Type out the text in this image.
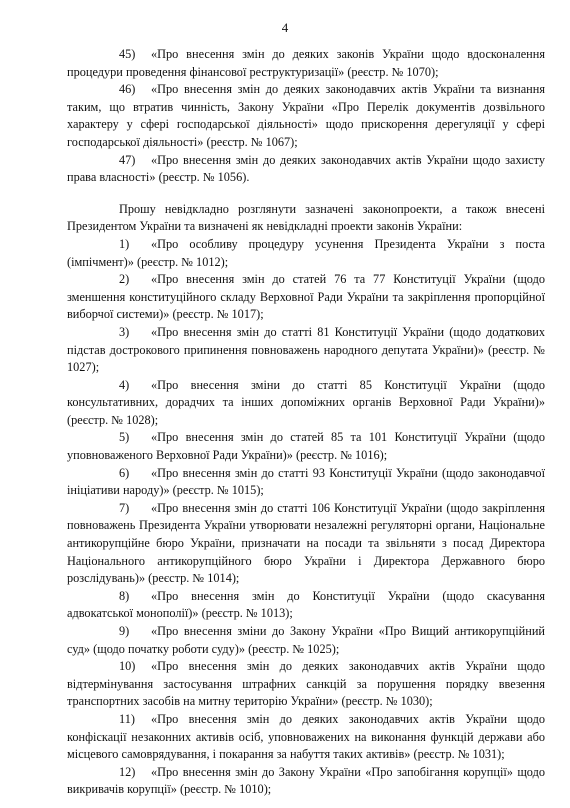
4

45) «Про внесення змін до деяких законів України щодо вдосконалення процедури проведення фінансової реструктуризації» (реєстр. № 1070);

46) «Про внесення змін до деяких законодавчих актів України та визнання таким, що втратив чинність, Закону України «Про Перелік документів дозвільного характеру у сфері господарської діяльності» щодо прискорення дерегуляції у сфері господарської діяльності» (реєстр. № 1067);

47) «Про внесення змін до деяких законодавчих актів України щодо захисту права власності» (реєстр. № 1056).

Прошу невідкладно розглянути зазначені законопроекти, а також внесені Президентом України та визначені як невідкладні проекти законів України:

1) «Про особливу процедуру усунення Президента України з поста (імпічмент)» (реєстр. № 1012);

2) «Про внесення змін до статей 76 та 77 Конституції України (щодо зменшення конституційного складу Верховної Ради України та закріплення пропорційної виборчої системи)» (реєстр. № 1017);

3) «Про внесення змін до статті 81 Конституції України (щодо додаткових підстав дострокового припинення повноважень народного депутата України)» (реєстр. № 1027);

4) «Про внесення зміни до статті 85 Конституції України (щодо консультативних, дорадчих та інших допоміжних органів Верховної Ради України)» (реєстр. № 1028);

5) «Про внесення змін до статей 85 та 101 Конституції України (щодо уповноваженого Верховної Ради України)» (реєстр. № 1016);

6) «Про внесення змін до статті 93 Конституції України (щодо законодавчої ініціативи народу)» (реєстр. № 1015);

7) «Про внесення змін до статті 106 Конституції України (щодо закріплення повноважень Президента України утворювати незалежні регуляторні органи, Національне антикорупційне бюро України, призначати на посади та звільняти з посад Директора Національного антикорупційного бюро України і Директора Державного бюро розслідувань)» (реєстр. № 1014);

8) «Про внесення змін до Конституції України (щодо скасування адвокатської монополії)» (реєстр. № 1013);

9) «Про внесення зміни до Закону України «Про Вищий антикорупційний суд» (щодо початку роботи суду)» (реєстр. № 1025);

10) «Про внесення змін до деяких законодавчих актів України щодо відтермінування застосування штрафних санкцій за порушення порядку ввезення транспортних засобів на митну територію України» (реєстр. № 1030);

11) «Про внесення змін до деяких законодавчих актів України щодо конфіскації незаконних активів осіб, уповноважених на виконання функцій держави або місцевого самоврядування, і покарання за набуття таких активів» (реєстр. № 1031);

12) «Про внесення змін до Закону України «Про запобігання корупції» щодо викривачів корупції» (реєстр. № 1010);
